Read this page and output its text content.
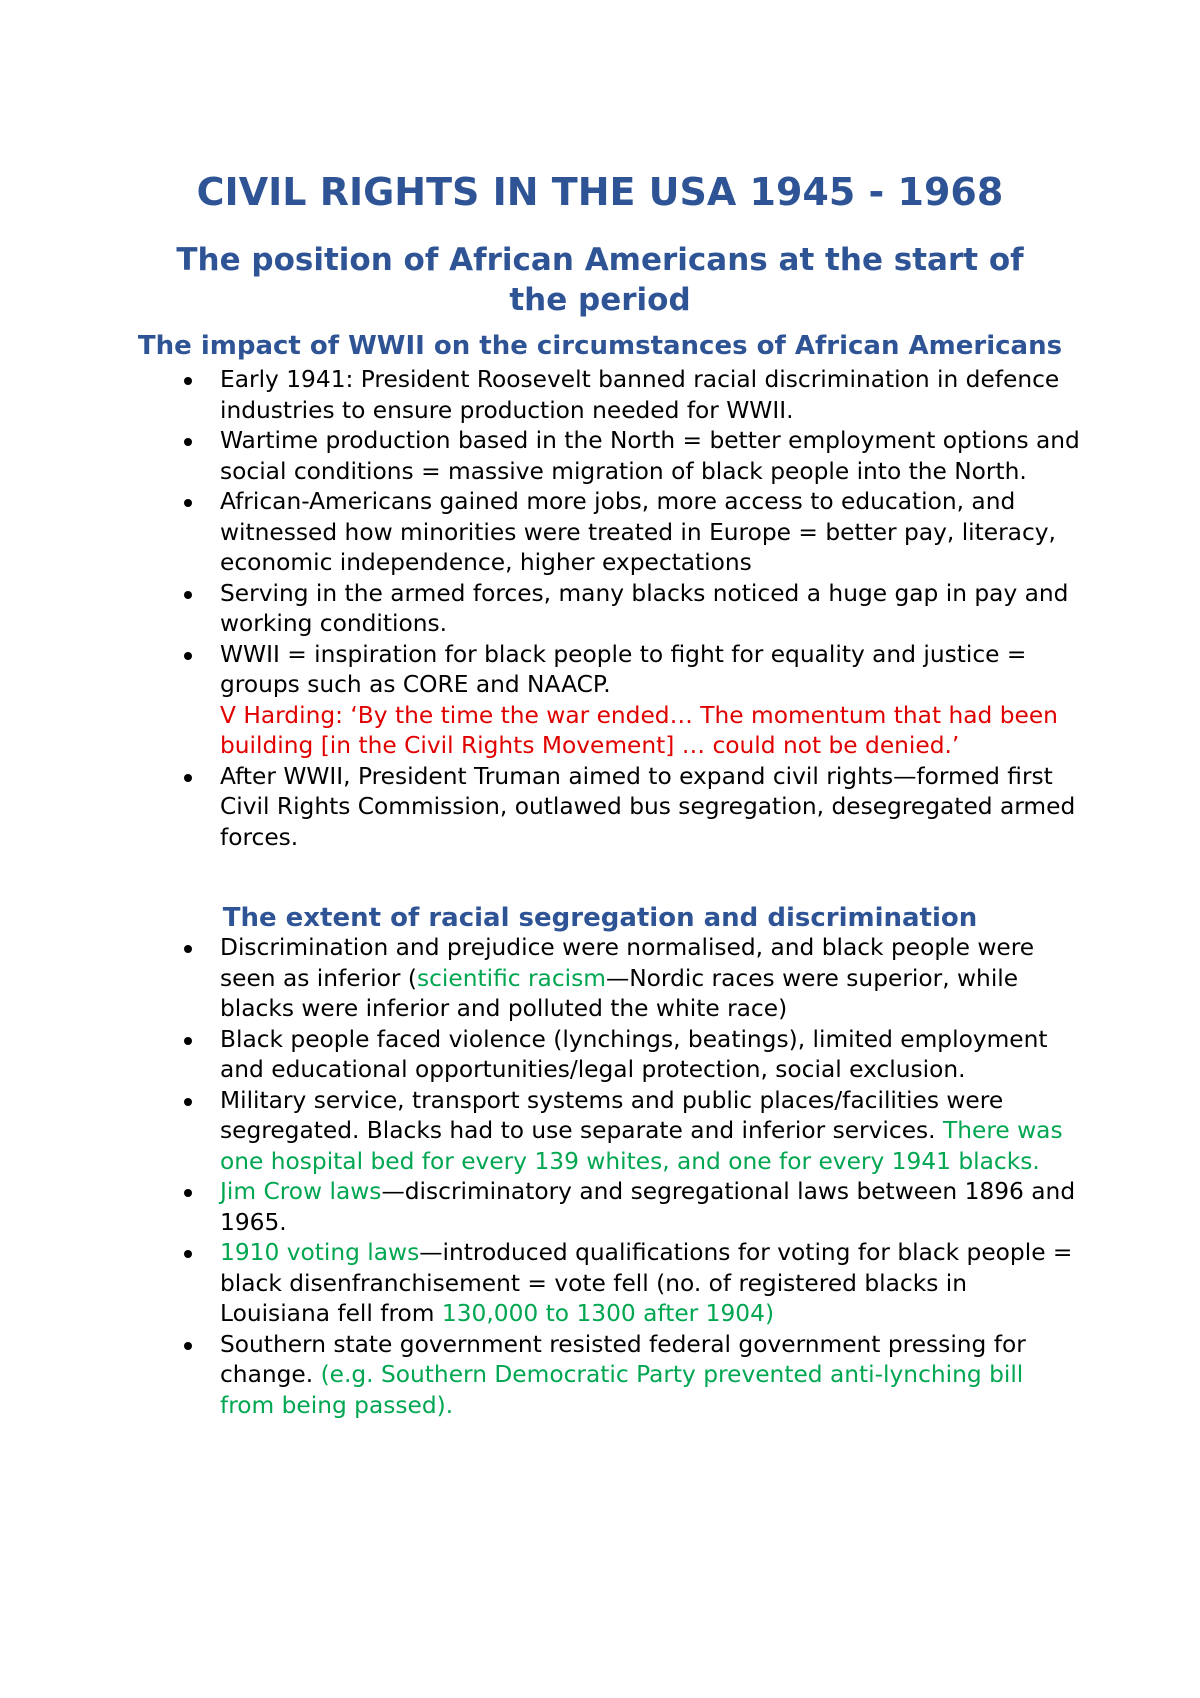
CIVIL RIGHTS IN THE USA 1945 - 1968
The position of African Americans at the start of the period
The impact of WWII on the circumstances of African Americans
Early 1941: President Roosevelt banned racial discrimination in defence industries to ensure production needed for WWII.
Wartime production based in the North = better employment options and social conditions = massive migration of black people into the North.
African-Americans gained more jobs, more access to education, and witnessed how minorities were treated in Europe = better pay, literacy, economic independence, higher expectations
Serving in the armed forces, many blacks noticed a huge gap in pay and working conditions.
WWII = inspiration for black people to fight for equality and justice = groups such as CORE and NAACP.
V Harding: ‘By the time the war ended… The momentum that had been building [in the Civil Rights Movement] … could not be denied.’
After WWII, President Truman aimed to expand civil rights—formed first Civil Rights Commission, outlawed bus segregation, desegregated armed forces.
The extent of racial segregation and discrimination
Discrimination and prejudice were normalised, and black people were seen as inferior (scientific racism—Nordic races were superior, while blacks were inferior and polluted the white race)
Black people faced violence (lynchings, beatings), limited employment and educational opportunities/legal protection, social exclusion.
Military service, transport systems and public places/facilities were segregated. Blacks had to use separate and inferior services. There was one hospital bed for every 139 whites, and one for every 1941 blacks.
Jim Crow laws—discriminatory and segregational laws between 1896 and 1965.
1910 voting laws—introduced qualifications for voting for black people = black disenfranchisement = vote fell (no. of registered blacks in Louisiana fell from 130,000 to 1300 after 1904)
Southern state government resisted federal government pressing for change. (e.g. Southern Democratic Party prevented anti-lynching bill from being passed).
